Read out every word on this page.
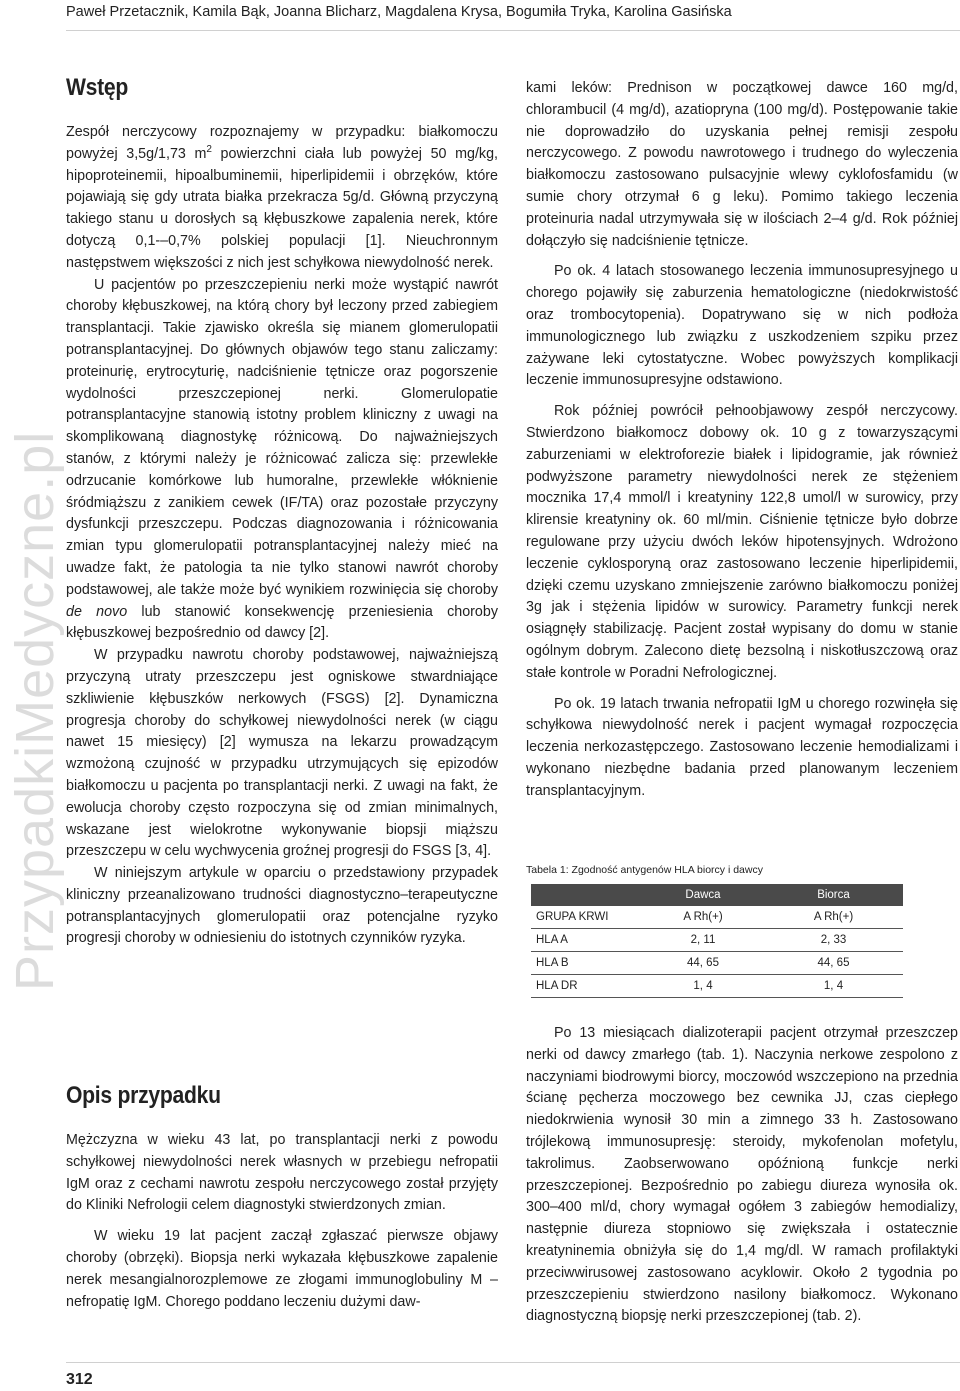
Paweł Przetacznik, Kamila Bąk, Joanna Blicharz, Magdalena Krysa, Bogumiła Tryka, Karolina Gasińska
PrzypadkiMedyczne.pl
Wstęp

Zespół nerczycowy rozpoznajemy w przypadku: białkomoczu powyżej 3,5g/1,73 $m^2$ powierzchni ciała lub powyżej 50 mg/kg, hipoproteinemii, hipoalbuminemii, hiperlipidemii i obrzęków, które pojawiają się gdy utrata białka przekracza 5g/d. Główną przyczyną takiego stanu u dorosłych są kłębuszkowe zapalenia nerek, które dotyczą 0,1-–0,7% polskiej populacji [1]. Nieuchronnym następstwem większości z nich jest schyłkowa niewydolność nerek.

U pacjentów po przeszczepieniu nerki może wystąpić nawrót choroby kłębuszkowej, na którą chory był leczony przed zabiegiem transplantacji. Takie zjawisko określa się mianem glomerulopatii potransplantacyjnej. Do głównych objawów tego stanu zaliczamy: proteinurię, erytrocyturię, nadciśnienie tętnicze oraz pogorszenie wydolności przeszczepionej nerki. Glomerulopatie potransplantacyjne stanowią istotny problem kliniczny z uwagi na skomplikowaną diagnostykę różnicową. Do najważniejszych stanów, z którymi należy je różnicować zalicza się: przewlekłe odrzucanie komórkowe lub humoralne, przewlekłe włóknienie śródmiąższu z zanikiem cewek (IF/TA) oraz pozostałe przyczyny dysfunkcji przeszczepu. Podczas diagnozowania i różnicowania zmian typu glomerulopatii potransplantacyjnej należy mieć na uwadze fakt, że patologia ta nie tylko stanowi nawrót choroby podstawowej, ale także może być wynikiem rozwinięcia się choroby de novo lub stanowić konsekwencję przeniesienia choroby kłębuszkowej bezpośrednio od dawcy [2].

W przypadku nawrotu choroby podstawowej, najważniejszą przyczyną utraty przeszczepu jest ogniskowe stwardniające szkliwienie kłębuszków nerkowych (FSGS) [2]. Dynamiczna progresja choroby do schyłkowej niewydolności nerek (w ciągu nawet 15 miesięcy) [2] wymusza na lekarzu prowadzącym wzmożoną czujność w przypadku utrzymujących się epizodów białkomoczu u pacjenta po transplantacji nerki. Z uwagi na fakt, że ewolucja choroby często rozpoczyna się od zmian minimalnych, wskazane jest wielokrotne wykonywanie biopsji miąższu przeszczepu w celu wychwycenia groźnej progresji do FSGS [3, 4].

W niniejszym artykule w oparciu o przedstawiony przypadek kliniczny przeanalizowano trudności diagnostyczno–terapeutyczne potransplantacyjnych glomerulopatii oraz potencjalne ryzyko progresji choroby w odniesieniu do istotnych czynników ryzyka.

Opis przypadku

Mężczyzna w wieku 43 lat, po transplantacji nerki z powodu schyłkowej niewydolności nerek własnych w przebiegu nefropatii IgM oraz z cechami nawrotu zespołu nerczycowego został przyjęty do Kliniki Nefrologii celem diagnostyki stwierdzonych zmian.

W wieku 19 lat pacjent zaczął zgłaszać pierwsze objawy choroby (obrzęki). Biopsja nerki wykazała kłębuszkowe zapalenie nerek mesangialnorozplemowe ze złogami immunoglobuliny M – nefropatię IgM. Chorego poddano leczeniu dużymi daw-

kami leków: Prednison w początkowej dawce 160 mg/d, chlorambucil (4 mg/d), azatiopryna (100 mg/d). Postępowanie takie nie doprowadziło do uzyskania pełnej remisji zespołu nerczycowego. Z powodu nawrotowego i trudnego do wyleczenia białkomoczu zastosowano pulsacyjnie wlewy cyklofosfamidu (w sumie chory otrzymał 6 g leku). Pomimo takiego leczenia proteinuria nadal utrzymywała się w ilościach 2–4 g/d. Rok później dołączyło się nadciśnienie tętnicze.

Po ok. 4 latach stosowanego leczenia immunosupresyjnego u chorego pojawiły się zaburzenia hematologiczne (niedokrwistość oraz trombocytopenia). Dopatrywano się w nich podłoża immunologicznego lub związku z uszkodzeniem szpiku przez zażywane leki cytostatyczne. Wobec powyższych komplikacji leczenie immunosupresyjne odstawiono.

Rok później powrócił pełnoobjawowy zespół nerczycowy. Stwierdzono białkomocz dobowy ok. 10 g z towarzyszącymi zaburzeniami w elektroforezie białek i lipidogramie, jak również podwyższone parametry niewydolności nerek ze stężeniem mocznika 17,4 mmol/l i kreatyniny 122,8 umol/l w surowicy, przy klirensie kreatyniny ok. 60 ml/min. Ciśnienie tętnicze było dobrze regulowane przy użyciu dwóch leków hipotensyjnych. Wdrożono leczenie cyklosporyną oraz zastosowano leczenie hiperlipidemii, dzięki czemu uzyskano zmniejszenie zarówno białkomoczu poniżej 3g jak i stężenia lipidów w surowicy. Parametry funkcji nerek osiągnęły stabilizację. Pacjent został wypisany do domu w stanie ogólnym dobrym. Zalecono dietę bezsolną i niskotłuszczową oraz stałe kontrole w Poradni Nefrologicznej.

Po ok. 19 latach trwania nefropatii IgM u chorego rozwinęła się schyłkowa niewydolność nerek i pacjent wymagał rozpoczęcia leczenia nerkozastępczego. Zastosowano leczenie hemodializami i wykonano niezbędne badania przed planowanym leczeniem transplantacyjnym.

Tabela 1: Zgodność antygenów HLA biorcy i dawcy
	Dawca	Biorca
GRUPA KRWI	A Rh(+)	A Rh(+)
HLA A	2, 11	2, 33
HLA B	44, 65	44, 65
HLA DR	1, 4	1, 4

Po 13 miesiącach dializoterapii pacjent otrzymał przeszczep nerki od dawcy zmarłego (tab. 1). Naczynia nerkowe zespolono z naczyniami biodrowymi biorcy, moczowód wszczepiono na przednia ścianę pęcherza moczowego bez cewnika JJ, czas ciepłego niedokrwienia wynosił 30 min a zimnego 33 h. Zastosowano trójlekową immunosupresję: steroidy, mykofenolan mofetylu, takrolimus. Zaobserwowano opóźnioną funkcje nerki przeszczepionej. Bezpośrednio po zabiegu diureza wynosiła ok. 300–400 ml/d, chory wymagał ogółem 3 zabiegów hemodializy, następnie diureza stopniowo się zwiększała i ostatecznie kreatyninemia obniżyła się do 1,4 mg/dl. W ramach profilaktyki przeciwwirusowej zastosowano acyklowir. Około 2 tygodnia po przeszczepieniu stwierdzono nasilony białkomocz. Wykonano diagnostyczną biopsję nerki przeszczepionej (tab. 2).

312
